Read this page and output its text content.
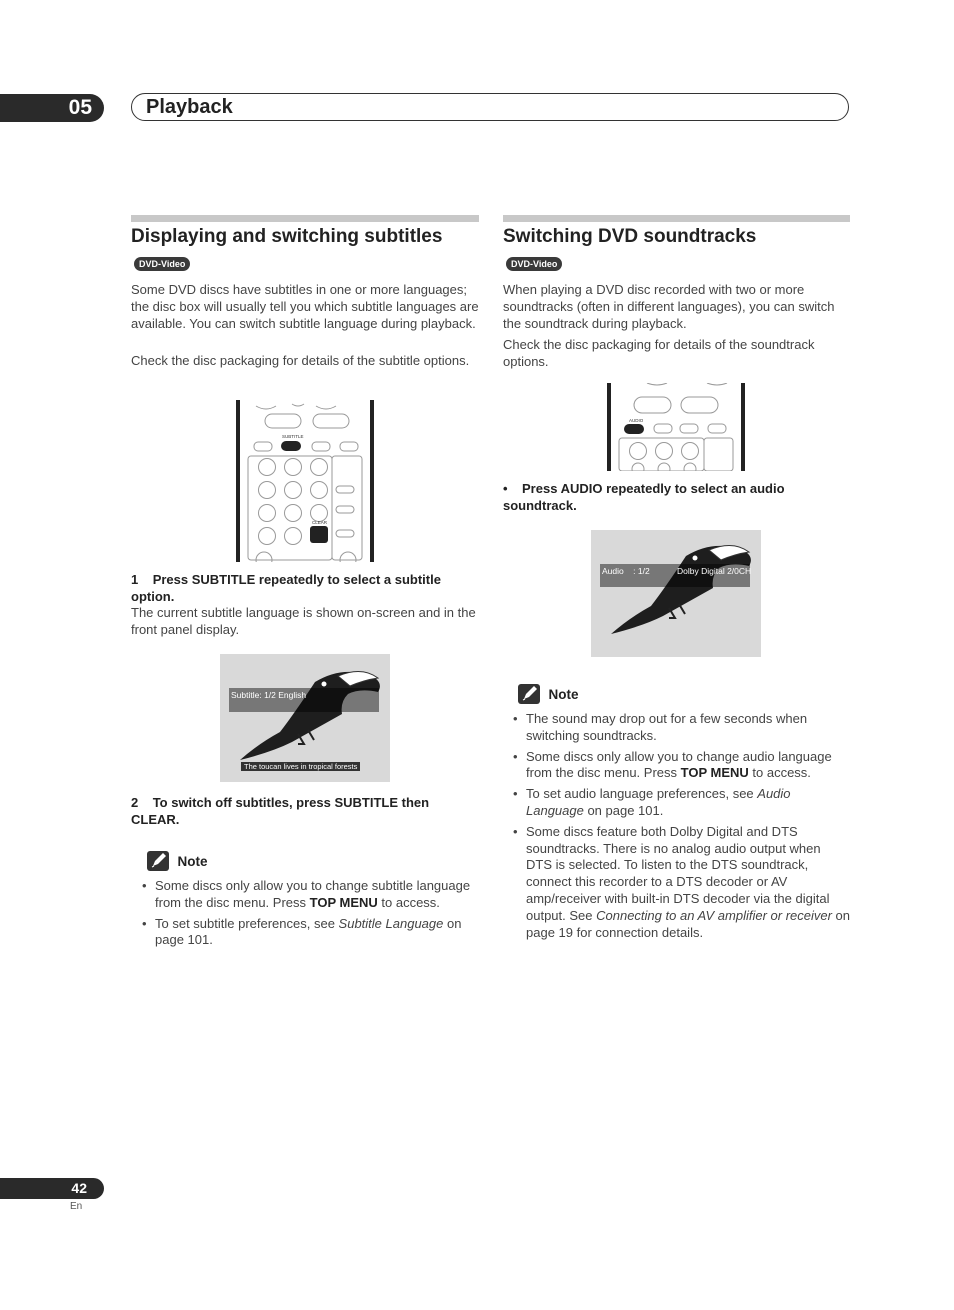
05	Playback
Displaying and switching subtitles
DVD-Video
Some DVD discs have subtitles in one or more languages; the disc box will usually tell you which subtitle languages are available. You can switch subtitle language during playback.
Check the disc packaging for details of the subtitle options.
SUBTITLE
CLEAR
1 Press SUBTITLE repeatedly to select a subtitle option.
The current subtitle language is shown on-screen and in the front panel display.
Subtitle: 1/2 English
The toucan lives in tropical forests
2 To switch off subtitles, press SUBTITLE then CLEAR.
Note
• Some discs only allow you to change subtitle language from the disc menu. Press TOP MENU to access.
• To set subtitle preferences, see Subtitle Language on page 101.
Switching DVD soundtracks
DVD-Video
When playing a DVD disc recorded with two or more soundtracks (often in different languages), you can switch the soundtrack during playback.
Check the disc packaging for details of the soundtrack options.
AUDIO
• Press AUDIO repeatedly to select an audio soundtrack.
Audio    : 1/2	Dolby Digital 2/0CH
Note
• The sound may drop out for a few seconds when switching soundtracks.
• Some discs only allow you to change audio language from the disc menu. Press TOP MENU to access.
• To set audio language preferences, see Audio Language on page 101.
• Some discs feature both Dolby Digital and DTS soundtracks. There is no analog audio output when DTS is selected. To listen to the DTS soundtrack, connect this recorder to a DTS decoder or AV amp/receiver with built-in DTS decoder via the digital output. See Connecting to an AV amplifier or receiver on page 19 for connection details.
42
En
